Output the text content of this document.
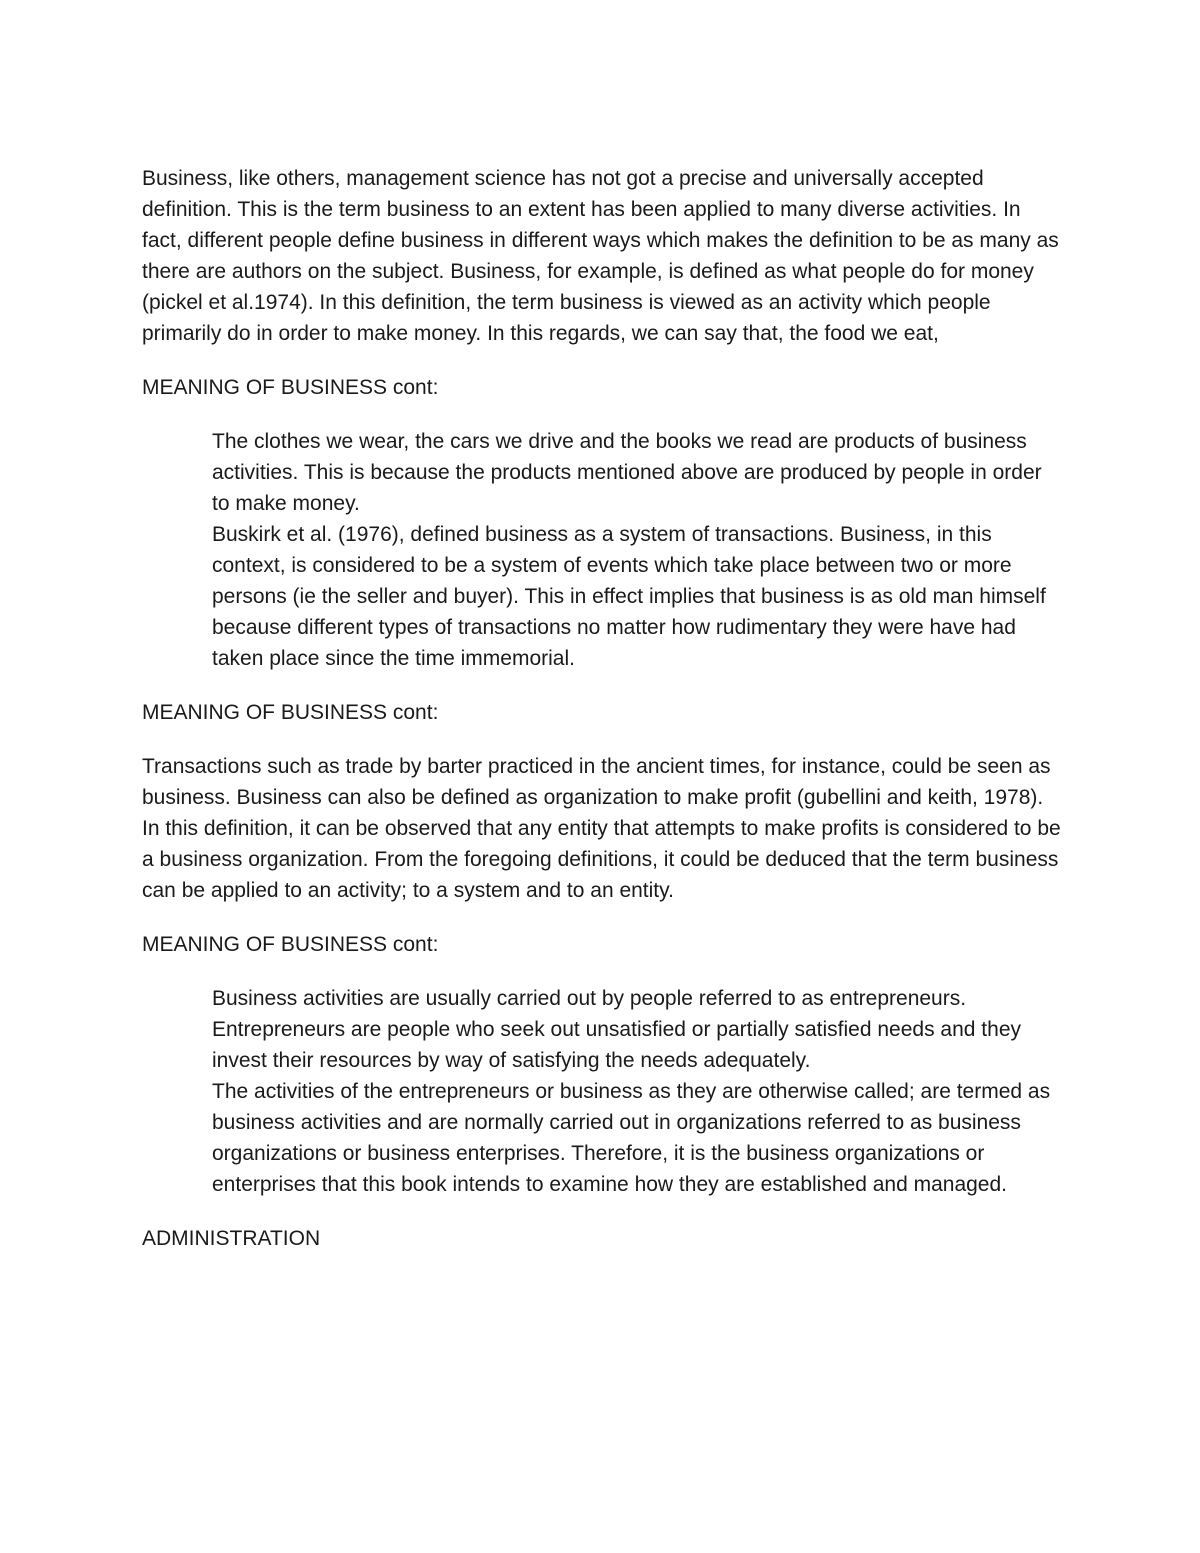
Business, like others, management science has not got a precise and universally accepted definition. This is the term business to an extent has been applied to many diverse activities. In fact, different people define business in different ways which makes the definition to be as many as there are authors on the subject. Business, for example, is defined as what people do for money (pickel et al.1974). In this definition, the term business is viewed as an activity which people primarily do in order to make money. In this regards, we can say that, the food we eat,

MEANING OF BUSINESS cont:

The clothes we wear, the cars we drive and the books we read are products of business activities. This is because the products mentioned above are produced by people in order to make money.

Buskirk et al. (1976), defined business as a system of transactions. Business, in this context, is considered to be a system of events which take place between two or more persons (ie the seller and buyer). This in effect implies that business is as old man himself because different types of transactions no matter how rudimentary they were have had taken place since the time immemorial.

MEANING OF BUSINESS cont:

Transactions such as trade by barter practiced in the ancient times, for instance, could be seen as business. Business can also be defined as organization to make profit (gubellini and keith, 1978). In this definition, it can be observed that any entity that attempts to make profits is considered to be a business organization. From the foregoing definitions, it could be deduced that the term business can be applied to an activity; to a system and to an entity.

MEANING OF BUSINESS cont:

Business activities are usually carried out by people referred to as entrepreneurs. Entrepreneurs are people who seek out unsatisfied or partially satisfied needs and they invest their resources by way of satisfying the needs adequately.

The activities of the entrepreneurs or business as they are otherwise called; are termed as business activities and are normally carried out in organizations referred to as business organizations or business enterprises. Therefore, it is the business organizations or enterprises that this book intends to examine how they are established and managed.

ADMINISTRATION
